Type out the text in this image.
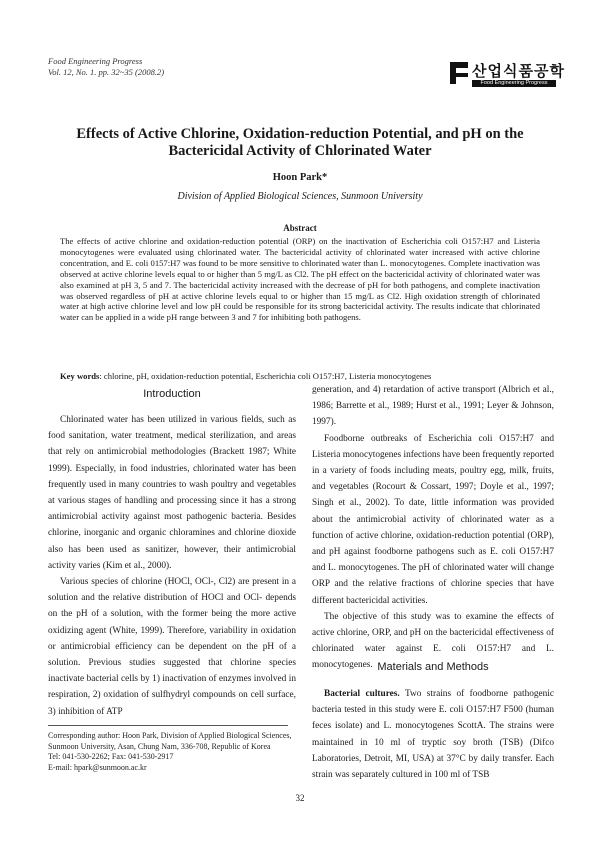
Food Engineering Progress
Vol. 12, No. 1. pp. 32~35 (2008.2)	산업식품공학
Food Engineering Progress
Effects of Active Chlorine, Oxidation-reduction Potential, and pH on the Bactericidal Activity of Chlorinated Water
Hoon Park*
Division of Applied Biological Sciences, Sunmoon University
Abstract
The effects of active chlorine and oxidation-reduction potential (ORP) on the inactivation of Escherichia coli O157:H7 and Listeria monocytogenes were evaluated using chlorinated water. The bactericidal activity of chlorinated water increased with active chlorine concentration, and E. coli 0157:H7 was found to be more sensitive to chlorinated water than L. monocytogenes. Complete inactivation was observed at active chlorine levels equal to or higher than 5 mg/L as Cl2. The pH effect on the bactericidal activity of chlorinated water was also examined at pH 3, 5 and 7. The bactericidal activity increased with the decrease of pH for both pathogens, and complete inactivation was observed regardless of pH at active chlorine levels equal to or higher than 15 mg/L as Cl2. High oxidation strength of chlorinated water at high active chlorine level and low pH could be responsible for its strong bactericidal activity. The results indicate that chlorinated water can be applied in a wide pH range between 3 and 7 for inhibiting both pathogens.
Key words: chlorine, pH, oxidation-reduction potential, Escherichia coli O157:H7, Listeria monocytogenes
Introduction

Chlorinated water has been utilized in various fields, such as food sanitation, water treatment, medical sterilization, and areas that rely on antimicrobial methodologies (Brackett 1987; White 1999). Especially, in food industries, chlorinated water has been frequently used in many countries to wash poultry and vegetables at various stages of handling and processing since it has a strong antimicrobial activity against most pathogenic bacteria. Besides chlorine, inorganic and organic chloramines and chlorine dioxide also has been used as sanitizer, however, their antimicrobial activity varies (Kim et al., 2000).

Various species of chlorine (HOCl, OCl-, Cl2) are present in a solution and the relative distribution of HOCl and OCl- depends on the pH of a solution, with the former being the more active oxidizing agent (White, 1999). Therefore, variability in oxidation or antimicrobial efficiency can be dependent on the pH of a solution. Previous studies suggested that chlorine species inactivate bacterial cells by 1) inactivation of enzymes involved in respiration, 2) oxidation of sulfhydryl compounds on cell surface, 3) inhibition of ATP

generation, and 4) retardation of active transport (Albrich et al., 1986; Barrette et al., 1989; Hurst et al., 1991; Leyer & Johnson, 1997).

Foodborne outbreaks of Escherichia coli O157:H7 and Listeria monocytogenes infections have been frequently reported in a variety of foods including meats, poultry egg, milk, fruits, and vegetables (Rocourt & Cossart, 1997; Doyle et al., 1997; Singh et al., 2002). To date, little information was provided about the antimicrobial activity of chlorinated water as a function of active chlorine, oxidation-reduction potential (ORP), and pH against foodborne pathogens such as E. coli O157:H7 and L. monocytogenes. The pH of chlorinated water will change ORP and the relative fractions of chlorine species that have different bactericidal activities.

The objective of this study was to examine the effects of active chlorine, ORP, and pH on the bactericidal effectiveness of chlorinated water against E. coli O157:H7 and L. monocytogenes. Materials and Methods

Bacterial cultures. Two strains of foodborne pathogenic bacteria tested in this study were E. coli O157:H7 F500 (human feces isolate) and L. monocytogenes ScottA. The strains were maintained in 10 ml of tryptic soy broth (TSB) (Difco Laboratories, Detroit, MI, USA) at 37°C by daily transfer. Each strain was separately cultured in 100 ml of TSB

Corresponding author: Hoon Park, Division of Applied Biological Sciences, Sunmoon University, Asan, Chung Nam, 336-708, Republic of Korea
Tel: 041-530-2262; Fax: 041-530-2917
E-mail: hpark@sunmoon.ac.kr
32
